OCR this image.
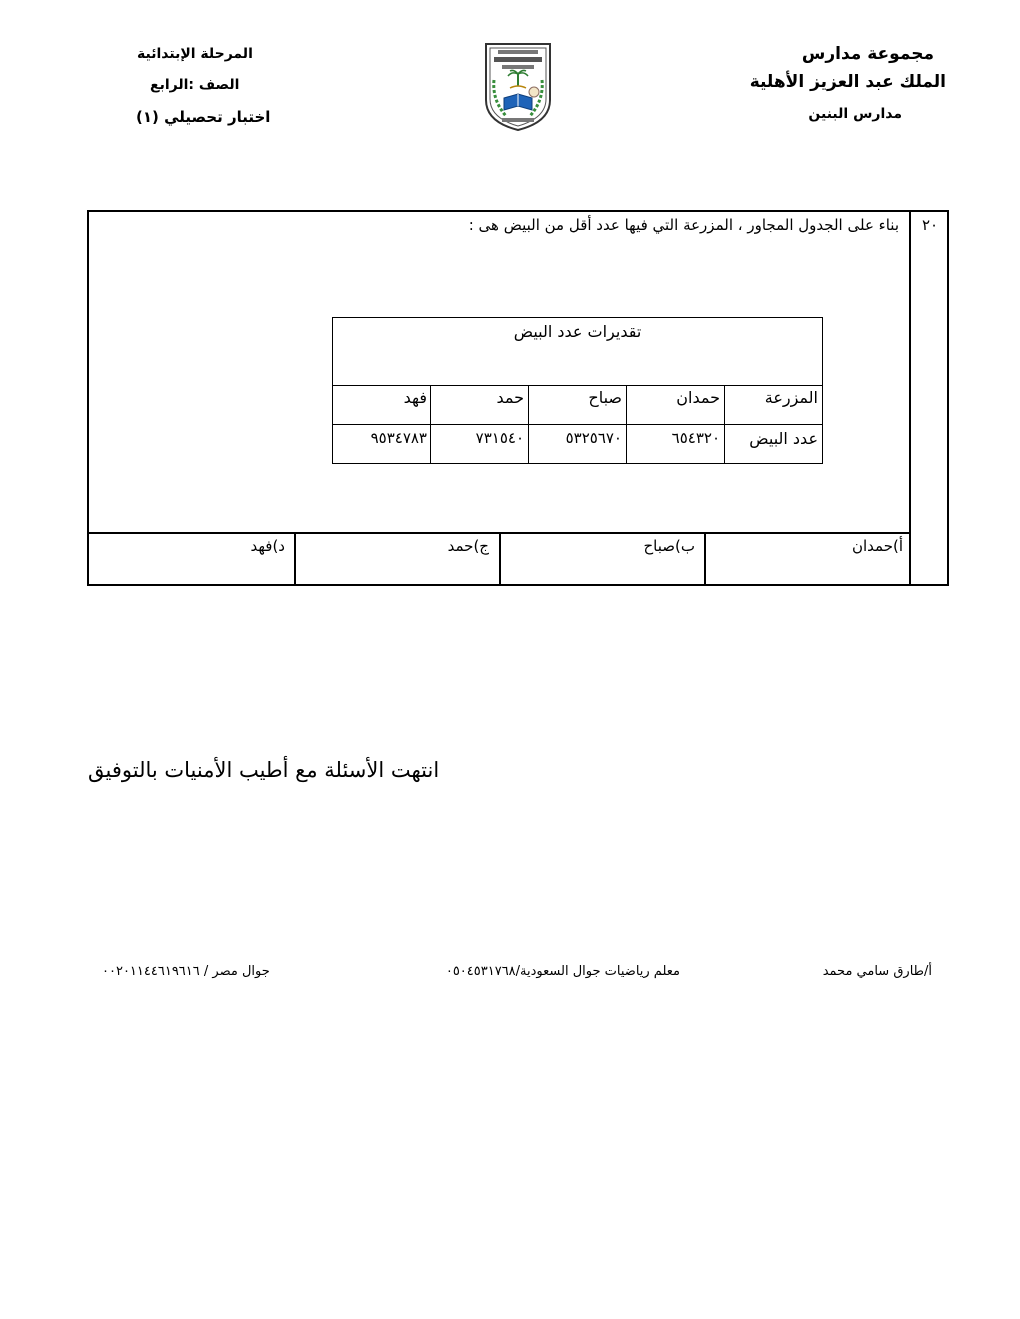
مجموعة مدارس
الملك عبد العزيز الأهلية
مدارس البنين
المرحلة الإبتدائية
الصف :الرابع
اختبار تحصيلي (١)
٢٠
بناء على الجدول المجاور ، المزرعة التي فيها عدد أقل من البيض هى :
أ)حمدان
ب)صباح
ج)حمد
د)فهد
تقديرات عدد البيض
المزرعة
حمدان
صباح
حمد
فهد
عدد البيض
٦٥٤٣٢٠
٥٣٢٥٦٧٠
٧٣١٥٤٠
٩٥٣٤٧٨٣
انتهت الأسئلة مع أطيب الأمنيات بالتوفيق
أ/طارق سامي محمد
معلم رياضيات جوال السعودية/٠٥٠٤٥٣١٧٦٨
جوال مصر / ٠٠٢٠١١٤٤٦١٩٦١٦
